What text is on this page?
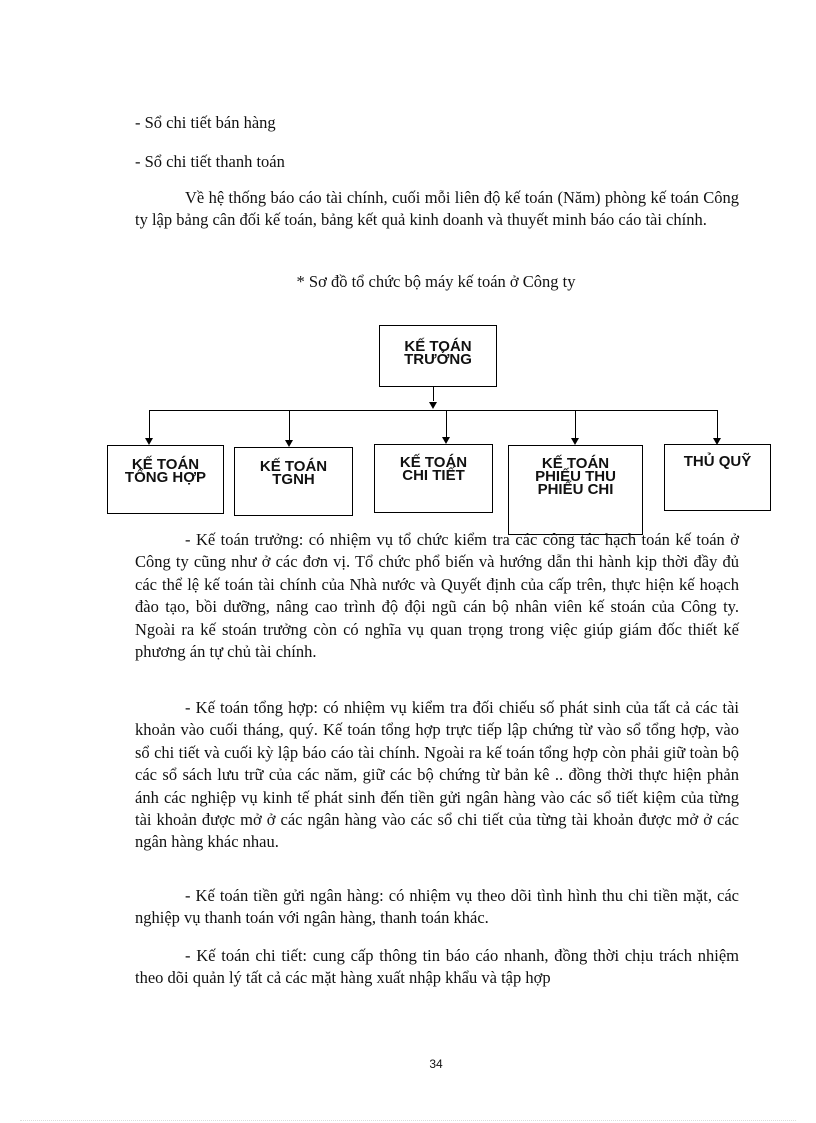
- Sổ chi tiết bán hàng

- Sổ chi tiết thanh toán

Về hệ thống báo cáo tài chính, cuối mỗi liên độ kế toán (Năm) phòng kế toán Công ty lập bảng cân đối kế toán, bảng kết quả kinh doanh và thuyết minh báo cáo tài chính.

* Sơ đồ tổ chức bộ máy kế toán ở Công ty

KẾ TOÁN
TRƯỞNG
KẾ TOÁN
TỔNG HỢP
KẾ TOÁN
TGNH
KẾ TOÁN
CHI TIẾT
KẾ TOÁN
PHIẾU THU
PHIẾU CHI
THỦ QUỸ

- Kế toán trưởng: có nhiệm vụ tổ chức kiểm tra các công tác hạch toán kế toán ở Công ty cũng như ở các đơn vị. Tổ chức phổ biến và hướng dẫn thi hành kịp thời đầy đủ các thể lệ kế toán tài chính của Nhà nước và Quyết định của cấp trên, thực hiện kế hoạch đào tạo, bồi dưỡng, nâng cao trình độ đội ngũ cán bộ nhân viên kế stoán của Công ty. Ngoài ra kế stoán trưởng còn có nghĩa vụ quan trọng trong việc giúp giám đốc thiết kế phương án tự chủ tài chính.

- Kế toán tổng hợp: có nhiệm vụ kiểm tra đối chiếu số phát sinh của tất cả các tài khoản vào cuối tháng, quý. Kế toán tổng hợp trực tiếp lập chứng từ vào sổ tổng hợp, vào sổ chi tiết và cuối kỳ lập báo cáo tài chính. Ngoài ra kế toán tổng hợp còn phải giữ toàn bộ các sổ sách lưu trữ của các năm, giữ các bộ chứng từ bản kê .. đồng thời thực hiện phản ánh các nghiệp vụ kinh tế phát sinh đến tiền gửi ngân hàng vào các sổ tiết kiệm của từng tài khoản được mở ở các ngân hàng vào các sổ chi tiết của từng tài khoản được mở ở các ngân hàng khác nhau.

- Kế toán tiền gửi ngân hàng: có nhiệm vụ theo dõi tình hình thu chi tiền mặt, các nghiệp vụ thanh toán với ngân hàng, thanh toán khác.

- Kế toán chi tiết: cung cấp thông tin báo cáo nhanh, đồng thời chịu trách nhiệm theo dõi quản lý tất cả các mặt hàng xuất nhập khẩu và tập hợp

34
